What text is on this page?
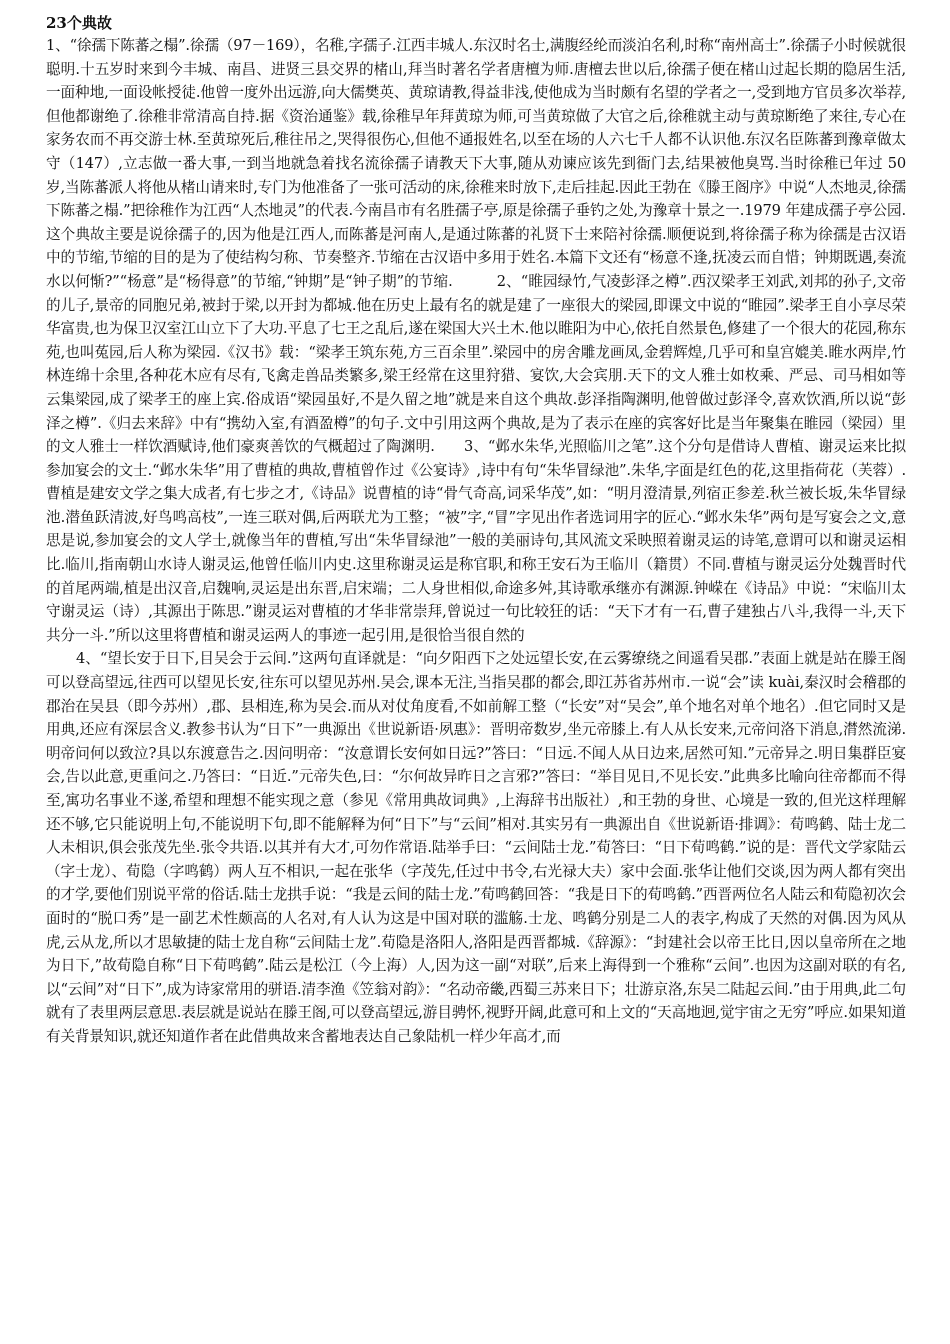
23个典故

1、“徐孺下陈蕃之榻”.徐孺（97－169），名稚,字孺子.江西丰城人.东汉时名士,满腹经纶而淡泊名利,时称“南州高士”.徐孺子小时候就很聪明.十五岁时来到今丰城、南昌、进贤三县交界的楮山,拜当时著名学者唐檀为师.唐檀去世以后,徐孺子便在楮山过起长期的隐居生活,一面种地,一面设帐授徒.他曾一度外出远游,向大儒樊英、黄琼请教,得益非浅,使他成为当时颇有名望的学者之一,受到地方官员多次举荐,但他都谢绝了.徐稚非常清高自持.据《资治通鉴》载,徐稚早年拜黄琼为师,可当黄琼做了大官之后,徐稚就主动与黄琼断绝了来往,专心在家务农而不再交游士林.至黄琼死后,稚往吊之,哭得很伤心,但他不通报姓名,以至在场的人六七千人都不认识他.东汉名臣陈蕃到豫章做太守（147）,立志做一番大事,一到当地就急着找名流徐孺子请教天下大事,随从劝谏应该先到衙门去,结果被他臭骂.当时徐稚已年过 50 岁,当陈蕃派人将他从楮山请来时,专门为他准备了一张可活动的床,徐稚来时放下,走后挂起.因此王勃在《滕王阁序》中说“人杰地灵,徐孺下陈蕃之榻.”把徐稚作为江西“人杰地灵”的代表.今南昌市有名胜孺子亭,原是徐孺子垂钓之处,为豫章十景之一.1979 年建成孺子亭公园.　　　这个典故主要是说徐孺子的,因为他是江西人,而陈蕃是河南人,是通过陈蕃的礼贤下士来陪衬徐孺.顺便说到,将徐孺子称为徐孺是古汉语中的节缩,节缩的目的是为了使结构匀称、节奏整齐.节缩在古汉语中多用于姓名.本篇下文还有“杨意不逢,抚凌云而自惜；钟期既遇,奏流水以何惭?”“杨意”是“杨得意”的节缩,“钟期”是“钟子期”的节缩.　　　2、“睢园绿竹,气凌彭泽之樽”.西汉梁孝王刘武,刘邦的孙子,文帝的儿子,景帝的同胞兄弟,被封于梁,以开封为都城.他在历史上最有名的就是建了一座很大的梁园,即课文中说的“睢园”.梁孝王自小享尽荣华富贵,也为保卫汉室江山立下了大功.平息了七王之乱后,遂在梁国大兴土木.他以睢阳为中心,依托自然景色,修建了一个很大的花园,称东苑,也叫菟园,后人称为梁园.《汉书》载：“梁孝王筑东苑,方三百余里”.梁园中的房舍雕龙画凤,金碧辉煌,几乎可和皇宫媲美.睢水两岸,竹林连绵十余里,各种花木应有尽有,飞禽走兽品类繁多,梁王经常在这里狩猎、宴饮,大会宾朋.天下的文人雅士如枚乘、严忌、司马相如等云集梁园,成了梁孝王的座上宾.俗成语“梁园虽好,不是久留之地”就是来自这个典故.彭泽指陶渊明,他曾做过彭泽令,喜欢饮酒,所以说“彭泽之樽”.《归去来辞》中有“携幼入室,有酒盈樽”的句子.文中引用这两个典故,是为了表示在座的宾客好比是当年聚集在睢园（梁园）里的文人雅士一样饮酒赋诗,他们豪爽善饮的气概超过了陶渊明.　　3、“邺水朱华,光照临川之笔”.这个分句是借诗人曹植、谢灵运来比拟参加宴会的文士.“邺水朱华”用了曹植的典故,曹植曾作过《公宴诗》,诗中有句“朱华冒绿池”.朱华,字面是红色的花,这里指荷花（芙蓉）.曹植是建安文学之集大成者,有七步之才,《诗品》说曹植的诗“骨气奇高,词采华茂”,如：“明月澄清景,列宿正参差.秋兰被长坂,朱华冒绿池.潜鱼跃清波,好鸟鸣高枝”,一连三联对偶,后两联尤为工整；“被”字,“冒”字见出作者选词用字的匠心.“邺水朱华”两句是写宴会之文,意思是说,参加宴会的文人学士,就像当年的曹植,写出“朱华冒绿池”一般的美丽诗句,其风流文采映照着谢灵运的诗笔,意谓可以和谢灵运相比.临川,指南朝山水诗人谢灵运,他曾任临川内史.这里称谢灵运是称官职,和称王安石为王临川（籍贯）不同.曹植与谢灵运分处魏晋时代的首尾两端,植是出汉音,启魏响,灵运是出东晋,启宋端；二人身世相似,命途多舛,其诗歌承继亦有渊源.钟嵘在《诗品》中说：“宋临川太守谢灵运（诗）,其源出于陈思.”谢灵运对曹植的才华非常崇拜,曾说过一句比较狂的话：“天下才有一石,曹子建独占八斗,我得一斗,天下共分一斗.”所以这里将曹植和谢灵运两人的事迹一起引用,是很恰当很自然的

4、“望长安于日下,目吴会于云间.”这两句直译就是：“向夕阳西下之处远望长安,在云雾缭绕之间遥看吴郡.”表面上就是站在滕王阁可以登高望远,往西可以望见长安,往东可以望见苏州.吴会,课本无注,当指吴郡的都会,即江苏省苏州市.一说“会”读 kuài,秦汉时会稽郡的郡治在吴县（即今苏州）,郡、县相连,称为吴会.而从对仗角度看,不如前解工整（“长安”对“吴会”,单个地名对单个地名）.但它同时又是用典,还应有深层含义.教参书认为“日下”一典源出《世说新语·夙惠》：晋明帝数岁,坐元帝膝上.有人从长安来,元帝问洛下消息,潸然流涕.明帝问何以致泣?具以东渡意告之.因问明帝：“汝意谓长安何如日远?”答曰：“日远.不闻人从日边来,居然可知.”元帝异之.明日集群臣宴会,告以此意,更重问之.乃答曰：“日近.”元帝失色,曰：“尔何故异昨日之言邪?”答曰：“举目见日,不见长安.”此典多比喻向往帝都而不得至,寓功名事业不遂,希望和理想不能实现之意（参见《常用典故词典》,上海辞书出版社）,和王勃的身世、心境是一致的,但光这样理解还不够,它只能说明上句,不能说明下句,即不能解释为何“日下”与“云间”相对.其实另有一典源出自《世说新语·排调》：荀鸣鹤、陆士龙二人未相识,俱会张茂先坐.张令共语.以其并有大才,可勿作常语.陆举手曰：“云间陆士龙.”荀答曰：“日下荀鸣鹤.”说的是：晋代文学家陆云（字士龙）、荀隐（字鸣鹤）两人互不相识,一起在张华（字茂先,任过中书令,右光禄大夫）家中会面.张华让他们交谈,因为两人都有突出的才学,要他们别说平常的俗话.陆士龙拱手说：“我是云间的陆士龙.”荀鸣鹤回答：“我是日下的荀鸣鹤.”西晋两位名人陆云和荀隐初次会面时的“脱口秀”是一副艺术性颇高的人名对,有人认为这是中国对联的滥觞.士龙、鸣鹤分别是二人的表字,构成了天然的对偶.因为风从虎,云从龙,所以才思敏捷的陆士龙自称“云间陆士龙”.荀隐是洛阳人,洛阳是西晋都城.《辞源》：“封建社会以帝王比日,因以皇帝所在之地为日下,”故荀隐自称“日下荀鸣鹤”.陆云是松江（今上海）人,因为这一副“对联”,后来上海得到一个雅称“云间”.也因为这副对联的有名,以“云间”对“日下”,成为诗家常用的骈语.清李渔《笠翁对韵》：“名动帝畿,西蜀三苏来日下；壮游京洛,东吴二陆起云间.”由于用典,此二句就有了表里两层意思.表层就是说站在滕王阁,可以登高望远,游目骋怀,视野开阔,此意可和上文的“天高地迥,觉宇宙之无穷”呼应.如果知道有关背景知识,就还知道作者在此借典故来含蓄地表达自己象陆机一样少年高才,而
